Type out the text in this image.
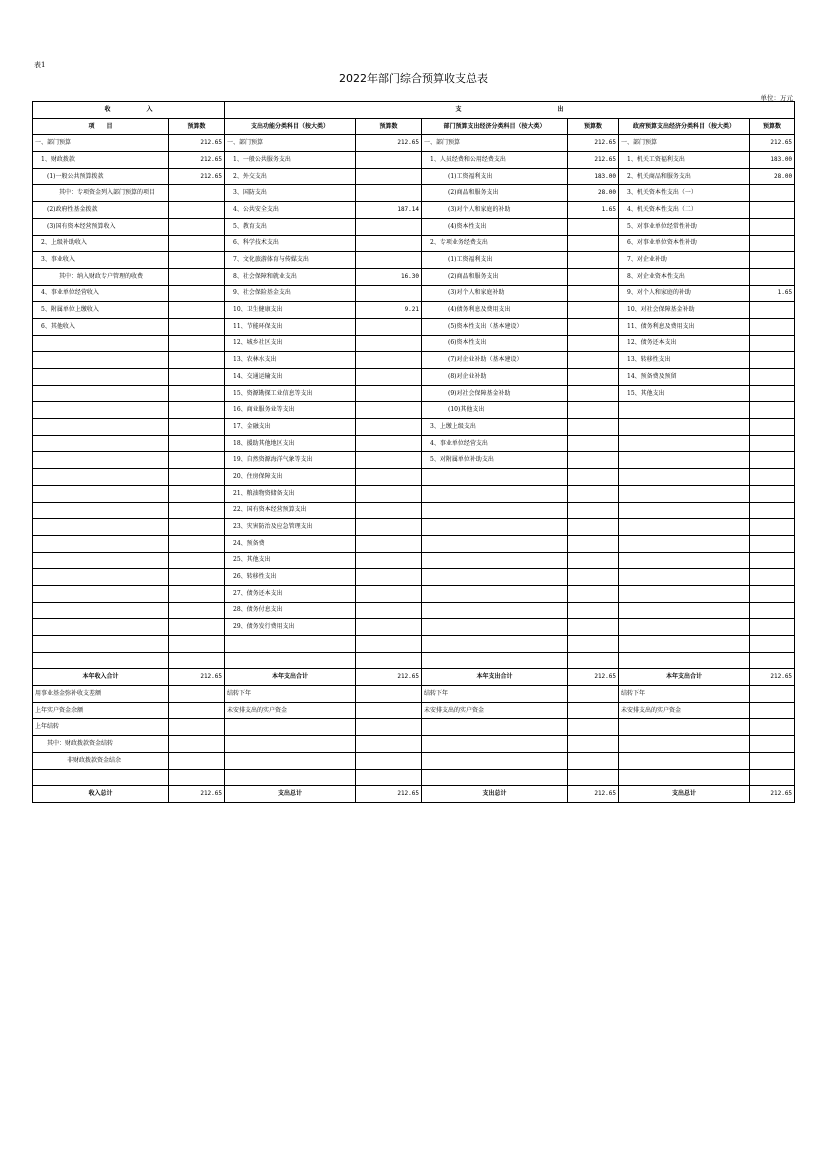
表1
2022年部门综合预算收支总表
单位：万元
收　　　　　　入		支　　　　　　　　　　　　　　　　出					
项　　目	预算数	支出功能分类科目（按大类）	预算数	部门预算支出经济分类科目（按大类）	预算数	政府预算支出经济分类科目（按大类）	预算数
一、部门预算	212.65	一、部门预算	212.65	一、部门预算	212.65	一、部门预算	212.65
1、财政拨款	212.65	1、一般公共服务支出		1、人员经费和公用经费支出	212.65	1、机关工资福利支出	183.00
(1)一般公共预算拨款	212.65	2、外交支出		(1)工资福利支出	183.00	2、机关商品和服务支出	28.00
其中：专项资金列入部门预算的项目		3、国防支出		(2)商品和服务支出	28.00	3、机关资本性支出（一）	
(2)政府性基金拨款		4、公共安全支出	187.14	(3)对个人和家庭的补助	1.65	4、机关资本性支出（二）	
(3)国有资本经营预算收入		5、教育支出		(4)资本性支出		5、对事业单位经常性补助	
2、上级补助收入		6、科学技术支出		2、专项业务经费支出		6、对事业单位资本性补助	
3、事业收入		7、文化旅游体育与传媒支出		(1)工资福利支出		7、对企业补助	
其中：纳入财政专户管理的收费		8、社会保障和就业支出	16.30	(2)商品和服务支出		8、对企业资本性支出	
4、事业单位经营收入		9、社会保险基金支出		(3)对个人和家庭补助		9、对个人和家庭的补助	1.65
5、附属单位上缴收入		10、卫生健康支出	9.21	(4)债务利息及费用支出		10、对社会保障基金补助	
6、其他收入		11、节能环保支出		(5)资本性支出（基本建设）		11、债务利息及费用支出	
		12、城乡社区支出		(6)资本性支出		12、债务还本支出	
		13、农林水支出		(7)对企业补助（基本建设）		13、转移性支出	
		14、交通运输支出		(8)对企业补助		14、预备费及预留	
		15、资源勘探工业信息等支出		(9)对社会保障基金补助		15、其他支出	
		16、商业服务业等支出		(10)其他支出			
		17、金融支出		3、上缴上级支出			
		18、援助其他地区支出		4、事业单位经营支出			
		19、自然资源海洋气象等支出		5、对附属单位补助支出			
		20、住房保障支出					
		21、粮油物资储备支出					
		22、国有资本经营预算支出					
		23、灾害防治及应急管理支出					
		24、预备费					
		25、其他支出					
		26、转移性支出					
		27、债务还本支出					
		28、债务付息支出					
		29、债务发行费用支出					

本年收入合计	212.65	本年支出合计	212.65	本年支出合计	212.65	本年支出合计	212.65
用事业基金弥补收支差额		结转下年		结转下年		结转下年	
上年实户资金余额		未安排支出的实户资金		未安排支出的实户资金		未安排支出的实户资金	
上年结转							
其中：财政拨款资金结转							
非财政拨款资金结余							

收入总计	212.65	支出总计	212.65	支出总计	212.65	支出总计	212.65
